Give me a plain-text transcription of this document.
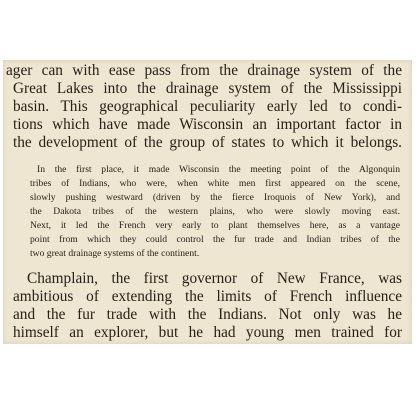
ager can with ease pass from the drainage system of the
Great Lakes into the drainage system of the Mississippi
basin. This geographical peculiarity early led to condi-
tions which have made Wisconsin an important factor in
the development of the group of states to which it belongs.
In the first place, it made Wisconsin the meeting point of the Algonquin
tribes of Indians, who were, when white men first appeared on the scene,
slowly pushing westward (driven by the fierce Iroquois of New York), and
the Dakota tribes of the western plains, who were slowly moving east.
Next, it led the French very early to plant themselves here, as a vantage
point from which they could control the fur trade and Indian tribes of the
two great drainage systems of the continent.
Champlain, the first governor of New France, was
ambitious of extending the limits of French influence
and the fur trade with the Indians. Not only was he
himself an explorer, but he had young men trained for
